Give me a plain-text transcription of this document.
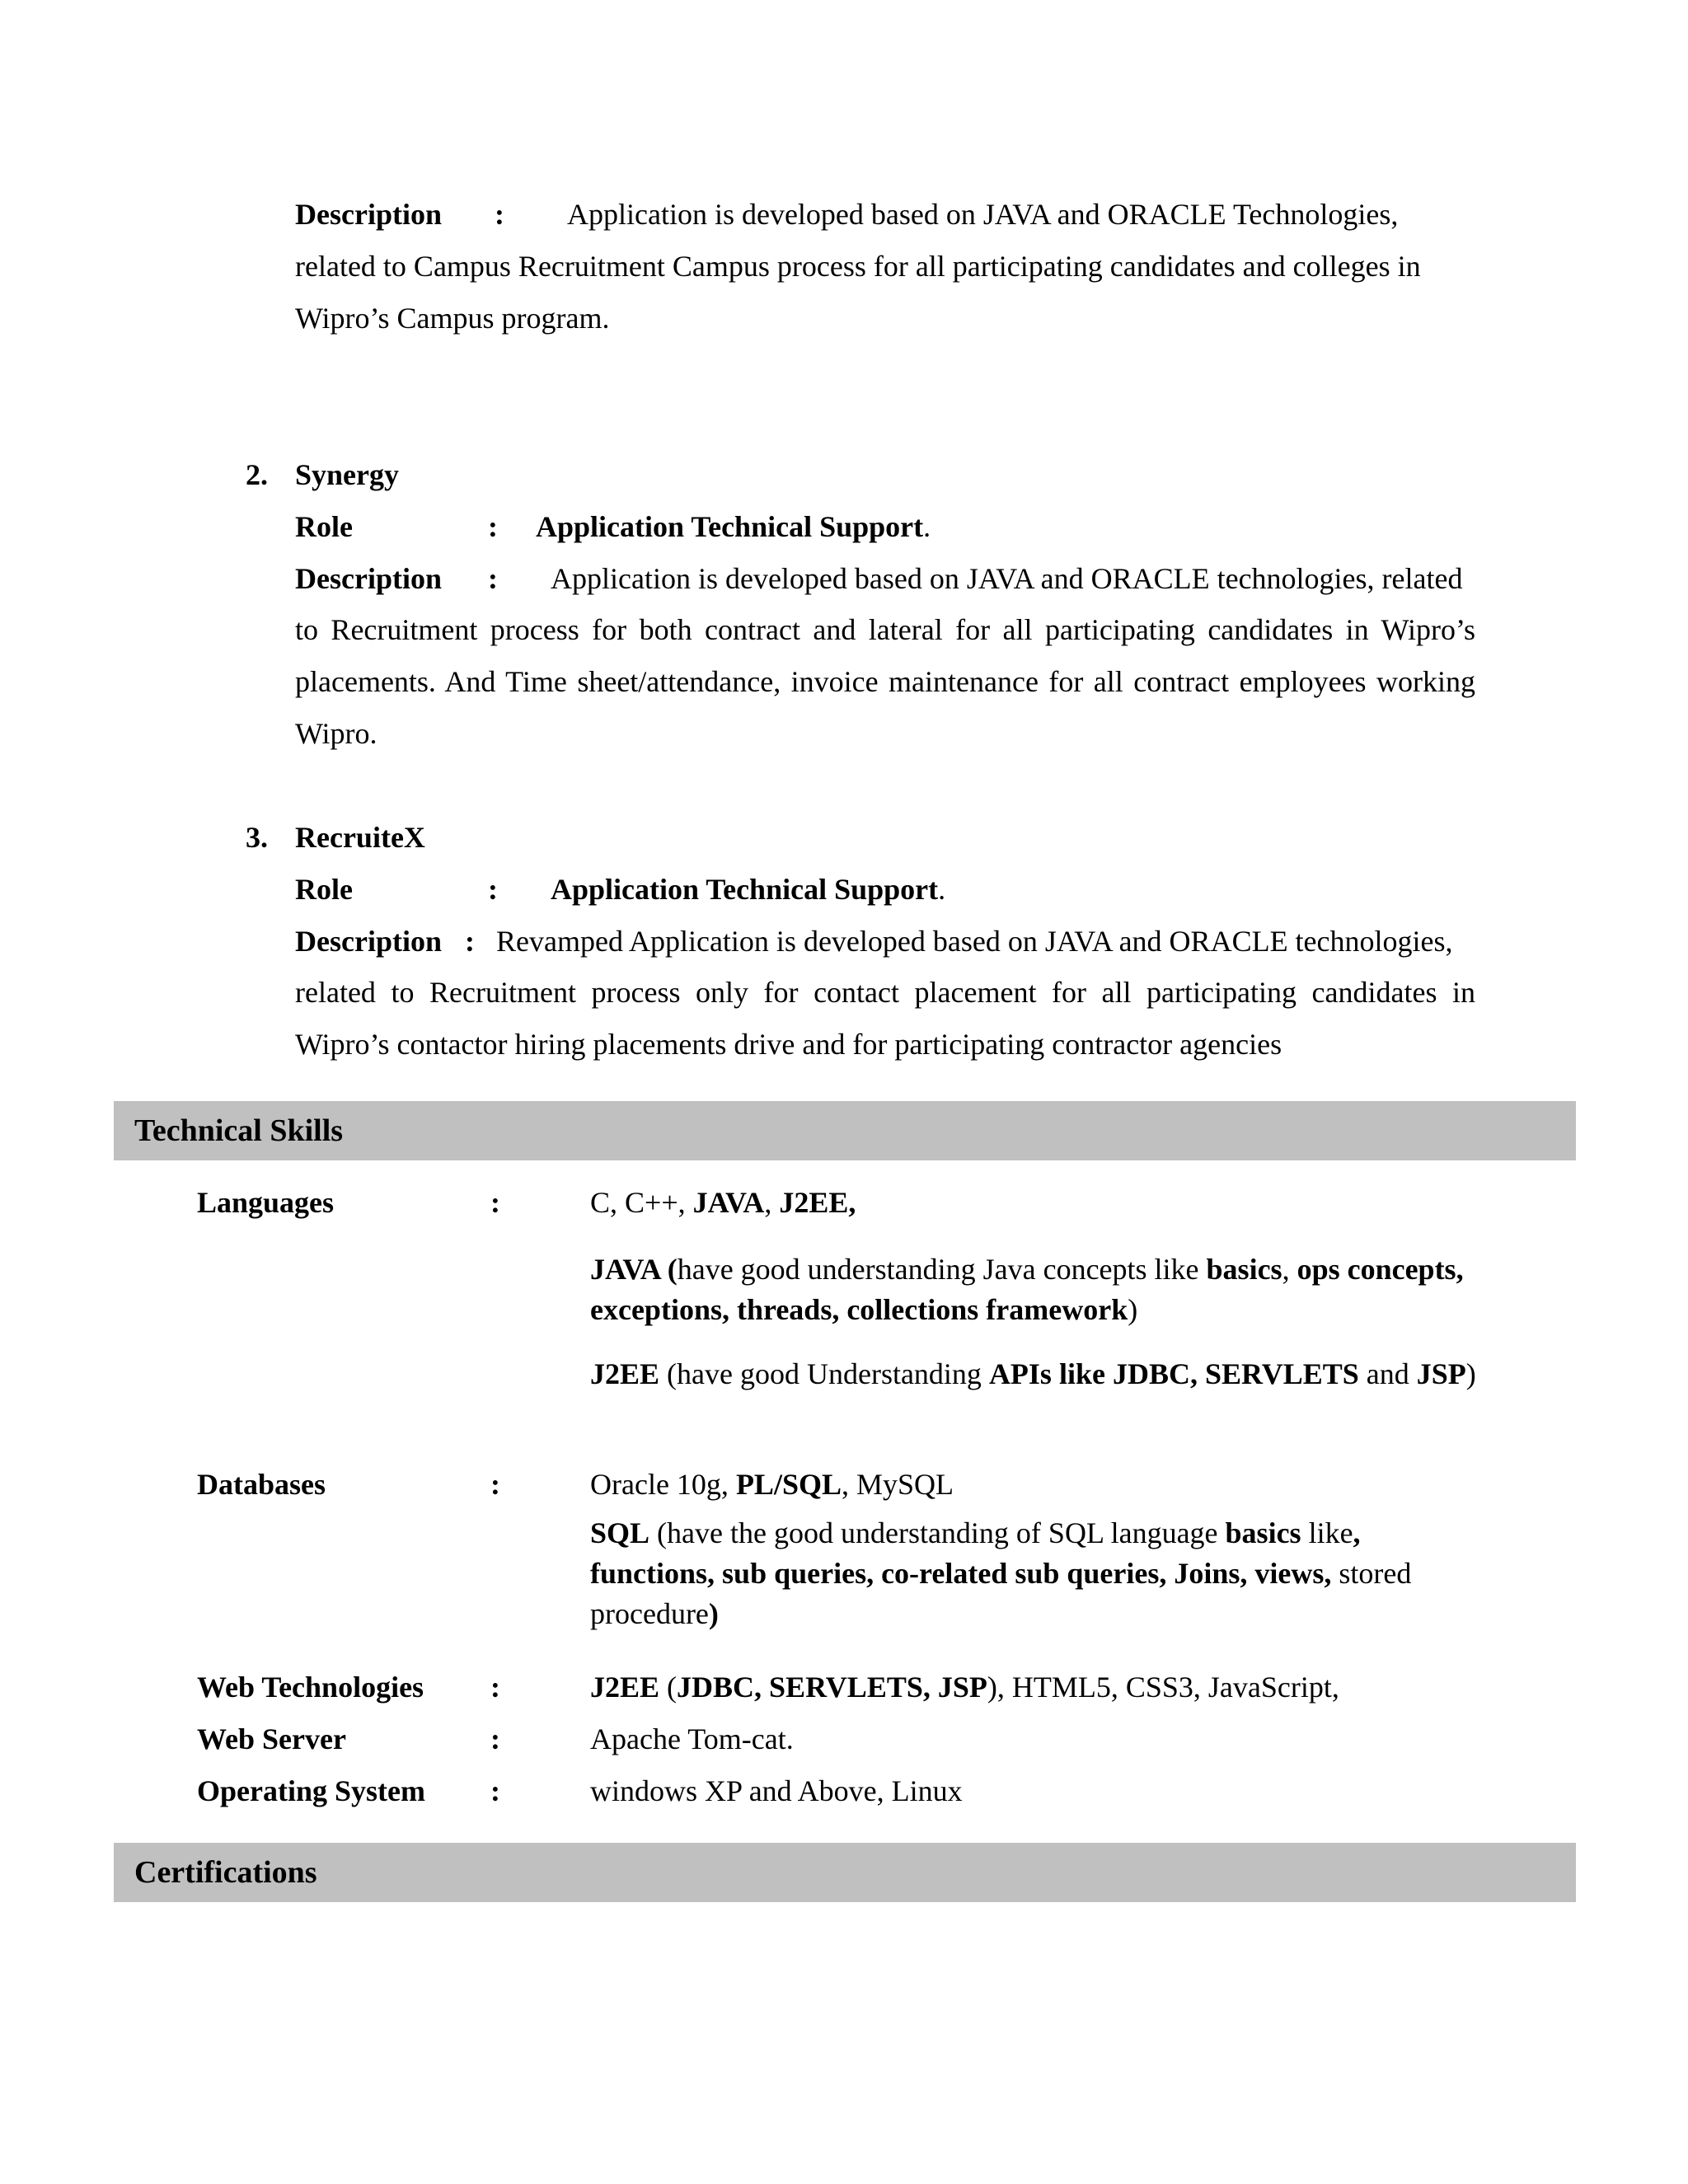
Description : Application is developed based on JAVA and ORACLE Technologies,
related to Campus Recruitment Campus process for all participating candidates and colleges in
Wipro’s Campus program.
2. Synergy
Role	: Application Technical Support.
Description : Application is developed based on JAVA and ORACLE technologies, related
to Recruitment process for both contract and lateral for all participating candidates in Wipro’s placements. And Time sheet/attendance, invoice maintenance for all contract employees working Wipro.
3. RecruiteX
Role	: Application Technical Support.
Description : Revamped Application is developed based on JAVA and ORACLE technologies,
related to Recruitment process only for contact placement for all participating candidates in Wipro’s contactor hiring placements drive and for participating contractor agencies
Technical Skills
Languages	:	C, C++, JAVA, J2EE,
JAVA (have good understanding Java concepts like basics, ops concepts, exceptions, threads, collections framework)
J2EE (have good Understanding APIs like JDBC, SERVLETS and JSP)
Databases	:	Oracle 10g, PL/SQL, MySQL
SQL (have the good understanding of SQL language basics like, functions, sub queries, co-related sub queries, Joins, views, stored procedure)
Web Technologies :	J2EE (JDBC, SERVLETS, JSP), HTML5, CSS3, JavaScript,
Web Server	:	Apache Tom-cat.
Operating System :	windows XP and Above, Linux
Certifications
